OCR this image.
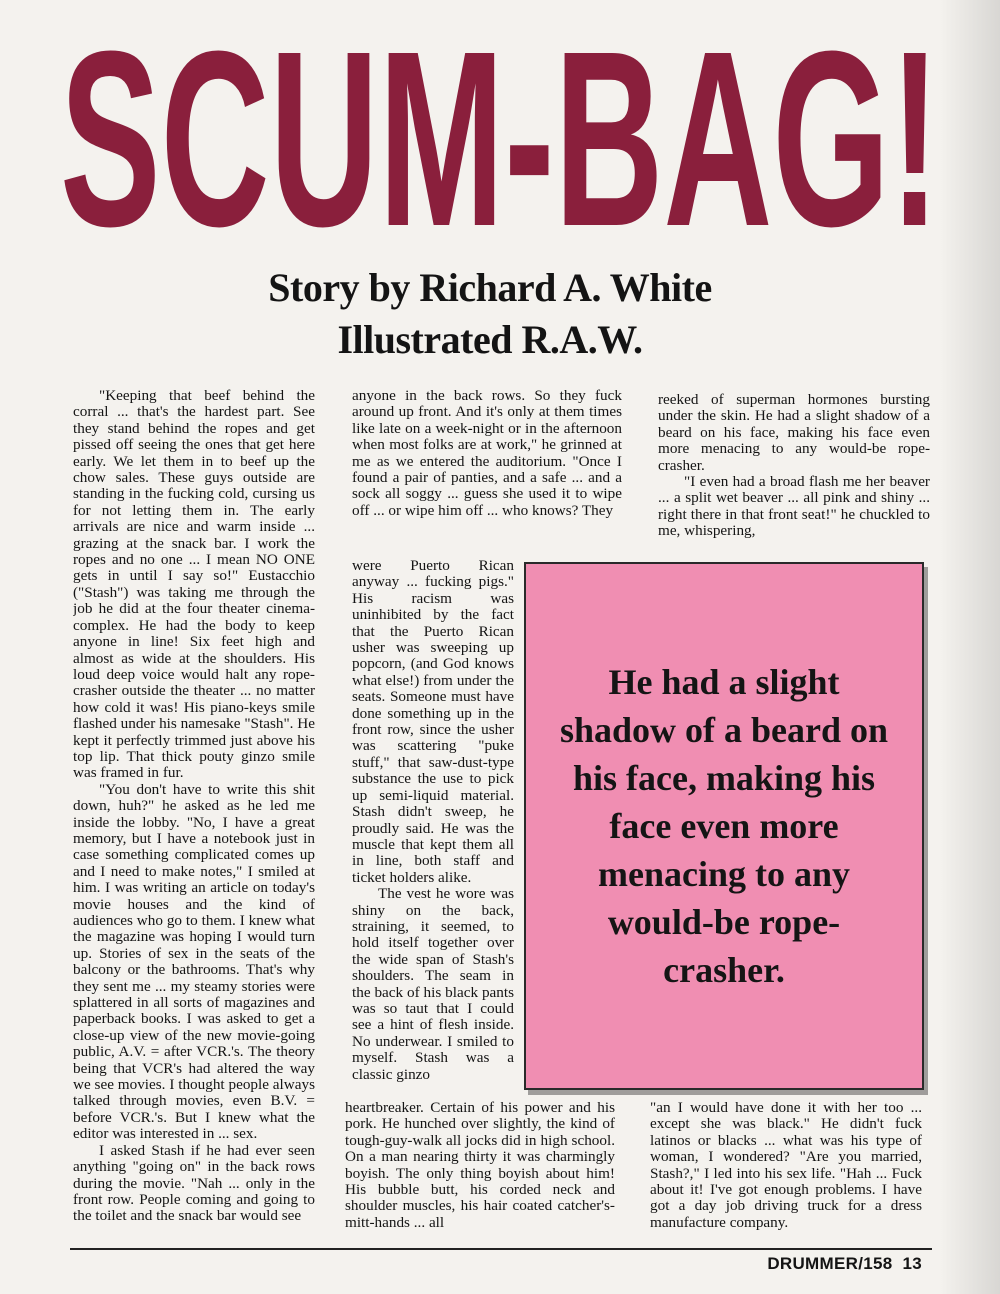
SCUM-BAG!
Story by Richard A. White
Illustrated R.A.W.

"Keeping that beef behind the corral ... that's the hardest part. See they stand behind the ropes and get pissed off seeing the ones that get here early. We let them in to beef up the chow sales. These guys outside are standing in the fucking cold, cursing us for not letting them in. The early arrivals are nice and warm inside ... grazing at the snack bar. I work the ropes and no one ... I mean NO ONE gets in until I say so!" Eustacchio ("Stash") was taking me through the job he did at the four theater cinema-complex. He had the body to keep anyone in line! Six feet high and almost as wide at the shoulders. His loud deep voice would halt any rope-crasher outside the theater ... no matter how cold it was! His piano-keys smile flashed under his namesake "Stash". He kept it perfectly trimmed just above his top lip. That thick pouty ginzo smile was framed in fur.

"You don't have to write this shit down, huh?" he asked as he led me inside the lobby. "No, I have a great memory, but I have a notebook just in case something complicated comes up and I need to make notes," I smiled at him. I was writing an article on today's movie houses and the kind of audiences who go to them. I knew what the magazine was hoping I would turn up. Stories of sex in the seats of the balcony or the bathrooms. That's why they sent me ... my steamy stories were splattered in all sorts of magazines and paperback books. I was asked to get a close-up view of the new movie-going public, A.V. = after VCR.'s. The theory being that VCR's had altered the way we see movies. I thought people always talked through movies, even B.V. = before VCR.'s. But I knew what the editor was interested in ... sex.

I asked Stash if he had ever seen anything "going on" in the back rows during the movie. "Nah ... only in the front row. People coming and going to the toilet and the snack bar would see

anyone in the back rows. So they fuck around up front. And it's only at them times like late on a week-night or in the afternoon when most folks are at work," he grinned at me as we entered the auditorium. "Once I found a pair of panties, and a safe ... and a sock all soggy ... guess she used it to wipe off ... or wipe him off ... who knows? They

were Puerto Rican anyway ... fucking pigs." His racism was uninhibited by the fact that the Puerto Rican usher was sweeping up popcorn, (and God knows what else!) from under the seats. Someone must have done something up in the front row, since the usher was scattering "puke stuff," that saw-dust-type substance the use to pick up semi-liquid material. Stash didn't sweep, he proudly said. He was the muscle that kept them all in line, both staff and ticket holders alike.

The vest he wore was shiny on the back, straining, it seemed, to hold itself together over the wide span of Stash's shoulders. The seam in the back of his black pants was so taut that I could see a hint of flesh inside. No underwear. I smiled to myself. Stash was a classic ginzo

heartbreaker. Certain of his power and his pork. He hunched over slightly, the kind of tough-guy-walk all jocks did in high school. On a man nearing thirty it was charmingly boyish. The only thing boyish about him! His bubble butt, his corded neck and shoulder muscles, his hair coated catcher's-mitt-hands ... all

reeked of superman hormones bursting under the skin. He had a slight shadow of a beard on his face, making his face even more menacing to any would-be rope-crasher.

"I even had a broad flash me her beaver ... a split wet beaver ... all pink and shiny ... right there in that front seat!" he chuckled to me, whispering,

He had a slight shadow of a beard on his face, making his face even more menacing to any would-be rope-crasher.

"an I would have done it with her too ... except she was black." He didn't fuck latinos or blacks ... what was his type of woman, I wondered? "Are you married, Stash?," I led into his sex life. "Hah ... Fuck about it! I've got enough problems. I have got a day job driving truck for a dress manufacture company.

DRUMMER/158 13
